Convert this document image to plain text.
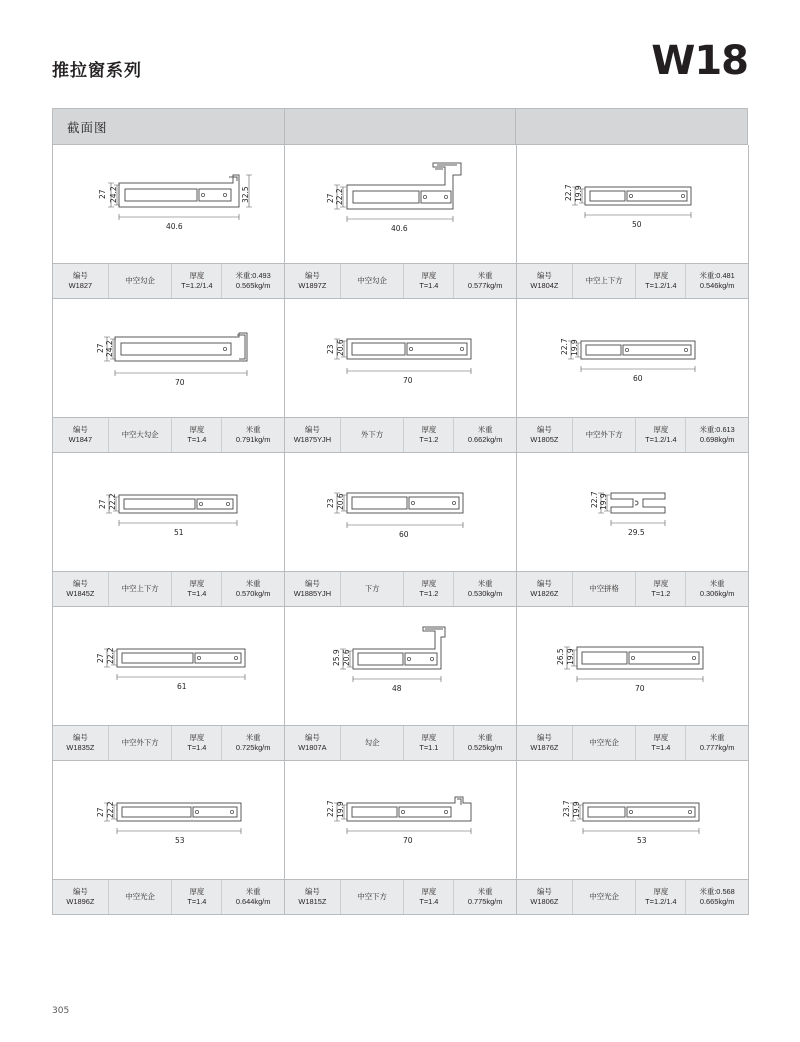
推拉窗系列	W18
截面图
27 24.2	32.5
40.6
编号
W1827
中空勾企
厚度
T=1.2/1.4
米重:0.493
0.565kg/m
27 22.2
40.6
编号
W1897Z
中空勾企
厚度
T=1.4
米重
0.577kg/m
22.7 19.9
50
编号
W1804Z
中空上下方
厚度
T=1.2/1.4
米重:0.481
0.546kg/m
27 24.2
70
编号
W1847
中空大勾企
厚度
T=1.4
米重
0.791kg/m
23 20.6
70
编号
W1875YJH
外下方
厚度
T=1.2
米重
0.662kg/m
22.7 19.9
60
编号
W1805Z
中空外下方
厚度
T=1.2/1.4
米重:0.613
0.698kg/m
27 22.2
51
编号
W1845Z
中空上下方
厚度
T=1.4
米重
0.570kg/m
23 20.6
60
编号
W1885YJH
下方
厚度
T=1.2
米重
0.530kg/m
22.7 19.9
29.5
编号
W1826Z
中空拼格
厚度
T=1.2
米重
0.306kg/m
27 22.2
61
编号
W1835Z
中空外下方
厚度
T=1.4
米重
0.725kg/m
25.9 20.6
48
编号
W1807A
勾企
厚度
T=1.1
米重
0.525kg/m
26.5 19.9
70
编号
W1876Z
中空光企
厚度
T=1.4
米重
0.777kg/m
27 22.2
53
编号
W1896Z
中空光企
厚度
T=1.4
米重
0.644kg/m
22.7 19.9
70
编号
W1815Z
中空下方
厚度
T=1.4
米重
0.775kg/m
23.7 19.9
53
编号
W1806Z
中空光企
厚度
T=1.2/1.4
米重:0.568
0.665kg/m
305
